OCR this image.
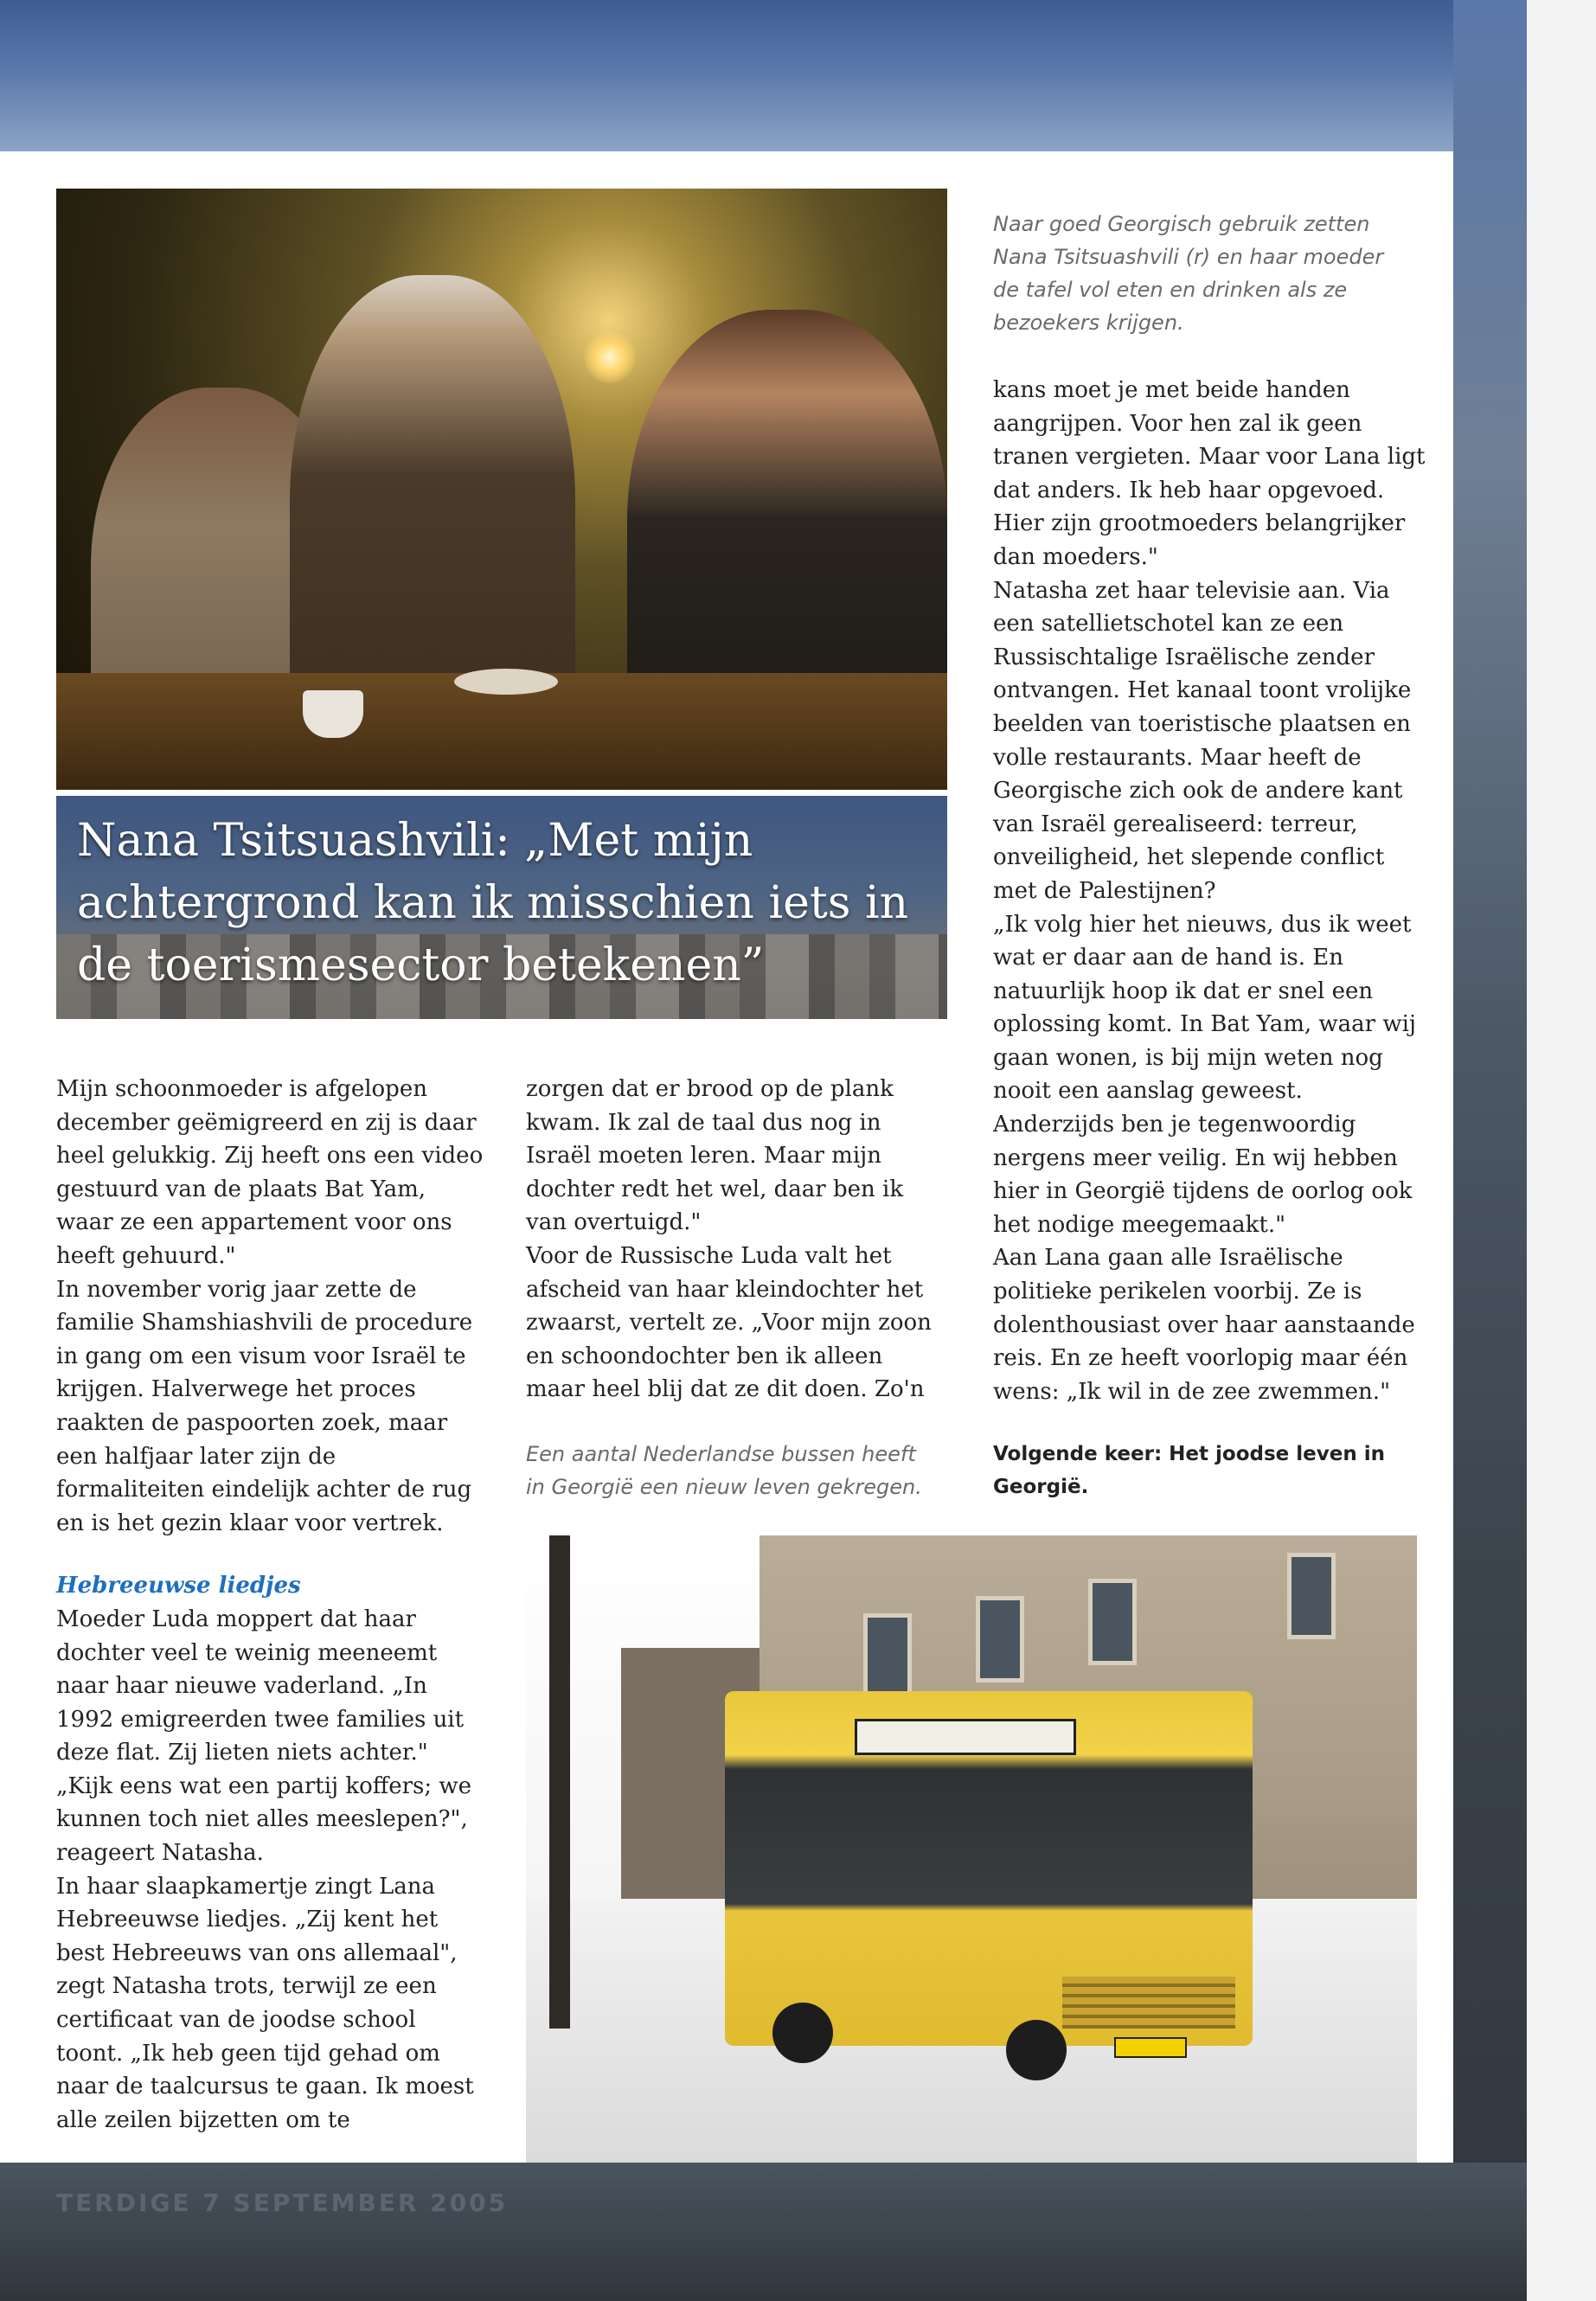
TERDIGE 7 SEPTEMBER 2005
Naar goed Georgisch gebruik zetten Nana Tsitsuashvili (r) en haar moeder de tafel vol eten en drinken als ze bezoekers krijgen.
Nana Tsitsuashvili: „Met mijn achtergrond kan ik misschien iets in de toerismesector betekenen”

Mijn schoonmoeder is afgelopen december geëmigreerd en zij is daar heel gelukkig. Zij heeft ons een video gestuurd van de plaats Bat Yam, waar ze een appartement voor ons heeft gehuurd."

In november vorig jaar zette de familie Shamshiashvili de procedure in gang om een visum voor Israël te krijgen. Halverwege het proces raakten de paspoorten zoek, maar een halfjaar later zijn de formaliteiten eindelijk achter de rug en is het gezin klaar voor vertrek.

Hebreeuwse liedjes

Moeder Luda moppert dat haar dochter veel te weinig meeneemt naar haar nieuwe vaderland. „In 1992 emigreerden twee families uit deze flat. Zij lieten niets achter."

„Kijk eens wat een partij koffers; we kunnen toch niet alles meeslepen?", reageert Natasha.

In haar slaapkamertje zingt Lana Hebreeuwse liedjes. „Zij kent het best Hebreeuws van ons allemaal", zegt Natasha trots, terwijl ze een certificaat van de joodse school toont. „Ik heb geen tijd gehad om naar de taalcursus te gaan. Ik moest alle zeilen bijzetten om te

zorgen dat er brood op de plank kwam. Ik zal de taal dus nog in Israël moeten leren. Maar mijn dochter redt het wel, daar ben ik van overtuigd."

Voor de Russische Luda valt het afscheid van haar kleindochter het zwaarst, vertelt ze. „Voor mijn zoon en schoondochter ben ik alleen maar heel blij dat ze dit doen. Zo'n

kans moet je met beide handen aangrijpen. Voor hen zal ik geen tranen vergieten. Maar voor Lana ligt dat anders. Ik heb haar opgevoed. Hier zijn grootmoeders belangrijker dan moeders."

Natasha zet haar televisie aan. Via een satellietschotel kan ze een Russischtalige Israëlische zender ontvangen. Het kanaal toont vrolijke beelden van toeristische plaatsen en volle restaurants. Maar heeft de Georgische zich ook de andere kant van Israël gerealiseerd: terreur, onveiligheid, het slepende conflict met de Palestijnen?

„Ik volg hier het nieuws, dus ik weet wat er daar aan de hand is. En natuurlijk hoop ik dat er snel een oplossing komt. In Bat Yam, waar wij gaan wonen, is bij mijn weten nog nooit een aanslag geweest. Anderzijds ben je tegenwoordig nergens meer veilig. En wij hebben hier in Georgië tijdens de oorlog ook het nodige meegemaakt."

Aan Lana gaan alle Israëlische politieke perikelen voorbij. Ze is dolenthousiast over haar aanstaande reis. En ze heeft voorlopig maar één wens: „Ik wil in de zee zwemmen."

Een aantal Nederlandse bussen heeft in Georgië een nieuw leven gekregen.
Volgende keer: Het joodse leven in Georgië.
